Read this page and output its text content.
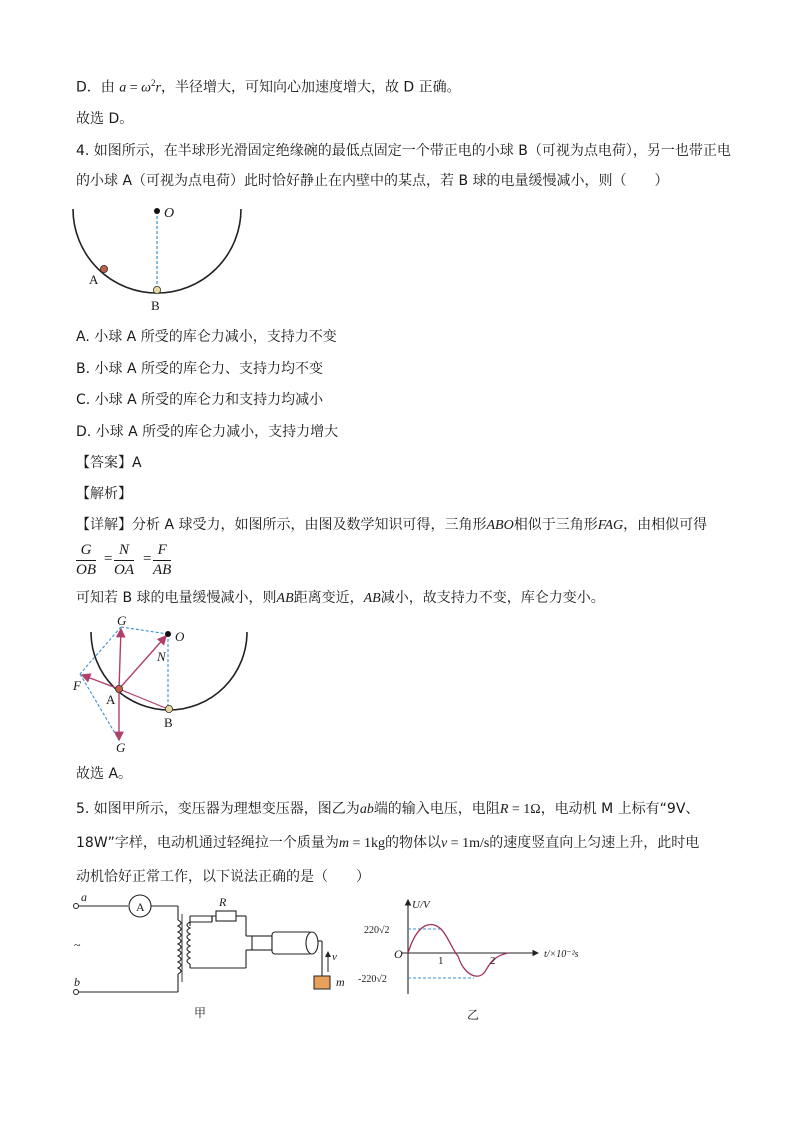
D．由 $a = \omega^2r$，半径增大，可知向心加速度增大，故 D 正确。
故选 D。
4. 如图所示，在半球形光滑固定绝缘碗的最低点固定一个带正电的小球 B（可视为点电荷），另一也带正电
的小球 A（可视为点电荷）此时恰好静止在内壁中的某点，若 B 球的电量缓慢减小，则（　　）
O
A
B
A. 小球 A 所受的库仑力减小，支持力不变
B. 小球 A 所受的库仑力、支持力均不变
C. 小球 A 所受的库仑力和支持力均减小
D. 小球 A 所受的库仑力减小，支持力增大
【答案】A
【解析】
【详解】分析 A 球受力，如图所示，由图及数学知识可得，三角形ABO相似于三角形FAG，由相似可得
$\frac{G}{OB} = \frac{N}{OA} = \frac{F}{AB}$
可知若 B 球的电量缓慢减小，则AB距离变近，AB减小，故支持力不变，库仑力变小。
G
O
N
F
A
B
G
故选 A。
5. 如图甲所示，变压器为理想变压器，图乙为ab端的输入电压，电阻R = 1Ω，电动机 M 上标有“9V、
18W”字样，电动机通过轻绳拉一个质量为m = 1kg的物体以v = 1m/s的速度竖直向上匀速上升，此时电
动机恰好正常工作，以下说法正确的是（　　）
a
A
b
~
R
v
m
甲
U/V
t/×10⁻²s
O
220√2
-220√2
1	2
乙
